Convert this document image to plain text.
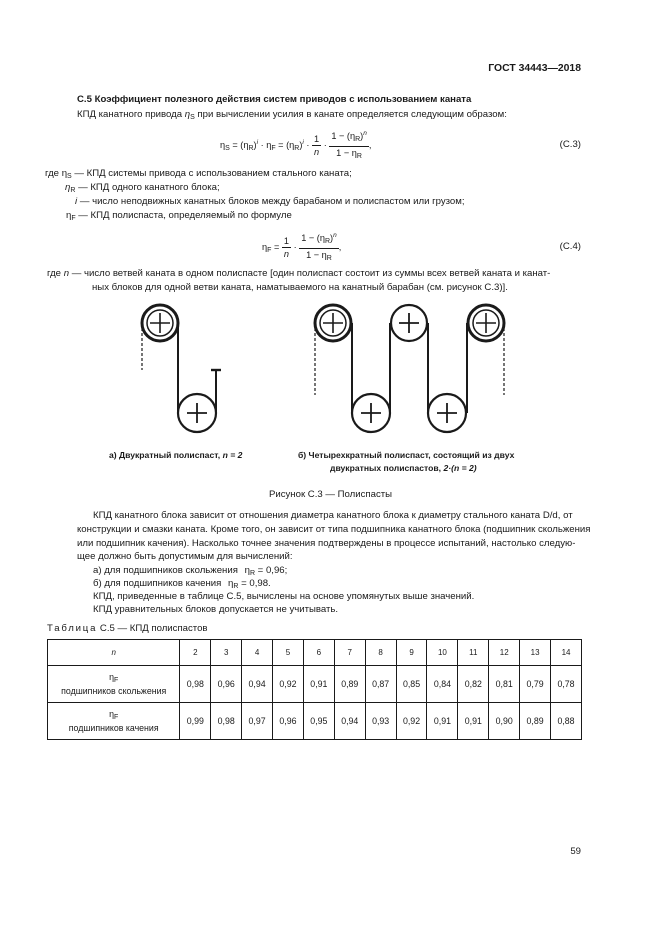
ГОСТ 34443—2018
С.5 Коэффициент полезного действия систем приводов с использованием каната
КПД канатного привода $\eta_S$ при вычислении усилия в канате определяется следующим образом:
$\eta_S = (\eta_R)^i \cdot \eta_F = (\eta_R)^i \cdot \frac{1}{n} \cdot \frac{1 - (\eta_R)^n}{1 - \eta_R}$ ,	(С.3)
где $\eta_S$ — КПД системы привода с использованием стального каната;
$\eta_R$ — КПД одного канатного блока;
i — число неподвижных канатных блоков между барабаном и полиспастом или грузом;
$\eta_F$ — КПД полиспаста, определяемый по формуле
$\eta_F = \frac{1}{n} \cdot \frac{1 - (\eta_R)^n}{1 - \eta_R}$ ,	(С.4)
где n — число ветвей каната в одном полиспасте [один полиспаст состоит из суммы всех ветвей каната и канат-
ных блоков для одной ветви каната, наматываемого на канатный барабан (см. рисунок С.3)].
а) Двукратный полиспаст, n = 2	б) Четырехкратный полиспаст, состоящий из двух
двукратных полиспастов, 2·(n = 2)
Рисунок С.3 — Полиспасты
КПД канатного блока зависит от отношения диаметра канатного блока к диаметру стального каната D/d, от
конструкции и смазки каната. Кроме того, он зависит от типа подшипника канатного блока (подшипник скольжения
или подшипник качения). Насколько точнее значения подтверждены в процессе испытаний, настолько следую-
щее должно быть допустимым для вычислений:
а) для подшипников скольжения $\eta_R = 0,96$;
б) для подшипников качения $\eta_R = 0,98$.
КПД, приведенные в таблице С.5, вычислены на основе упомянутых выше значений.
КПД уравнительных блоков допускается не учитывать.
Таблица С.5 — КПД полиспастов
n	2	3	4	5	6	7	8	9	10	11	12	13	14
$\eta_F$
подшипников скольжения	0,98	0,96	0,94	0,92	0,91	0,89	0,87	0,85	0,84	0,82	0,81	0,79	0,78
$\eta_F$
подшипников качения	0,99	0,98	0,97	0,96	0,95	0,94	0,93	0,92	0,91	0,91	0,90	0,89	0,88
59
